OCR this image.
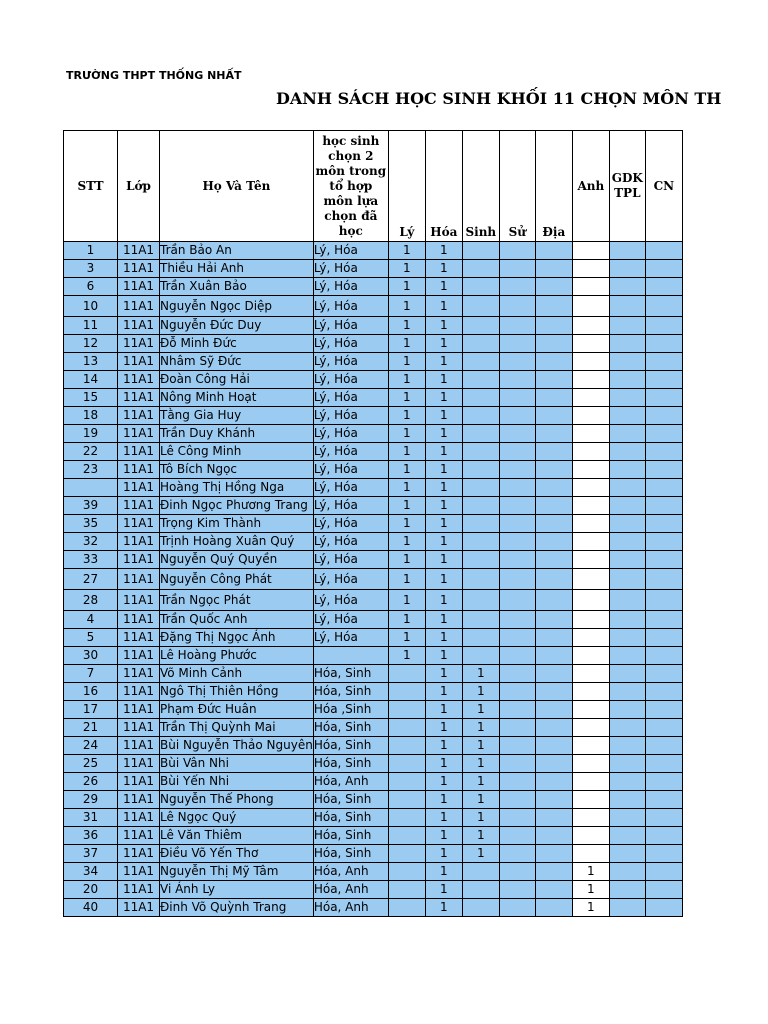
TRƯỜNG THPT THỐNG NHẤT
DANH SÁCH HỌC SINH KHỐI 11 CHỌN MÔN TH
STT	Lớp	Họ Và Tên	học sinh chọn 2 môn trong tổ hợp môn lựa chọn đã học	Lý	Hóa	Sinh	Sử	Địa	Anh	GDK TPL	CN
1	11A1	Trần Bảo An	Lý, Hóa	1	1						
3	11A1	Thiều Hải Anh	Lý, Hóa	1	1						
6	11A1	Trần Xuân Bảo	Lý, Hóa	1	1						
10	11A1	Nguyễn Ngọc Diệp	Lý, Hóa	1	1						
11	11A1	Nguyễn Đức Duy	Lý, Hóa	1	1						
12	11A1	Đỗ Minh Đức	Lý, Hóa	1	1						
13	11A1	Nhâm Sỹ Đức	Lý, Hóa	1	1						
14	11A1	Đoàn Công Hải	Lý, Hóa	1	1						
15	11A1	Nông Minh Hoạt	Lý, Hóa	1	1						
18	11A1	Tằng Gia Huy	Lý, Hóa	1	1						
19	11A1	Trần Duy Khánh	Lý, Hóa	1	1						
22	11A1	Lê Công Minh	Lý, Hóa	1	1						
23	11A1	Tô Bích Ngọc	Lý, Hóa	1	1						
	11A1	Hoàng Thị Hồng Nga	Lý, Hóa	1	1						
39	11A1	Đinh Ngọc Phương Trang	Lý, Hóa	1	1						
35	11A1	Trọng Kim Thành	Lý, Hóa	1	1						
32	11A1	Trịnh Hoàng Xuân Quý	Lý, Hóa	1	1						
33	11A1	Nguyễn Quý Quyền	Lý, Hóa	1	1						
27	11A1	Nguyễn Công Phát	Lý, Hóa	1	1						
28	11A1	Trần Ngọc Phát	Lý, Hóa	1	1						
4	11A1	Trần Quốc Anh	Lý, Hóa	1	1						
5	11A1	Đặng Thị Ngọc Ánh	Lý, Hóa	1	1						
30	11A1	Lê Hoàng Phước		1	1						
7	11A1	Võ Minh Cảnh	Hóa, Sinh		1	1					
16	11A1	Ngô Thị Thiên Hồng	Hóa, Sinh		1	1					
17	11A1	Phạm Đức Huân	Hóa ,Sinh		1	1					
21	11A1	Trần Thị Quỳnh Mai	Hóa, Sinh		1	1					
24	11A1	Bùi Nguyễn Thảo Nguyên	Hóa, Sinh		1	1					
25	11A1	Bùi Vân Nhi	Hóa, Sinh		1	1					
26	11A1	Bùi Yến Nhi	Hóa, Anh		1	1					
29	11A1	Nguyễn Thế Phong	Hóa, Sinh		1	1					
31	11A1	Lê Ngọc Quý	Hóa, Sinh		1	1					
36	11A1	Lê Văn Thiêm	Hóa, Sinh		1	1					
37	11A1	Điều Võ Yến Thơ	Hóa, Sinh		1	1					
34	11A1	Nguyễn Thị Mỹ Tâm	Hóa, Anh		1				1		
20	11A1	Vi Ánh Ly	Hóa, Anh		1				1		
40	11A1	Đinh Võ Quỳnh Trang	Hóa, Anh		1				1		
